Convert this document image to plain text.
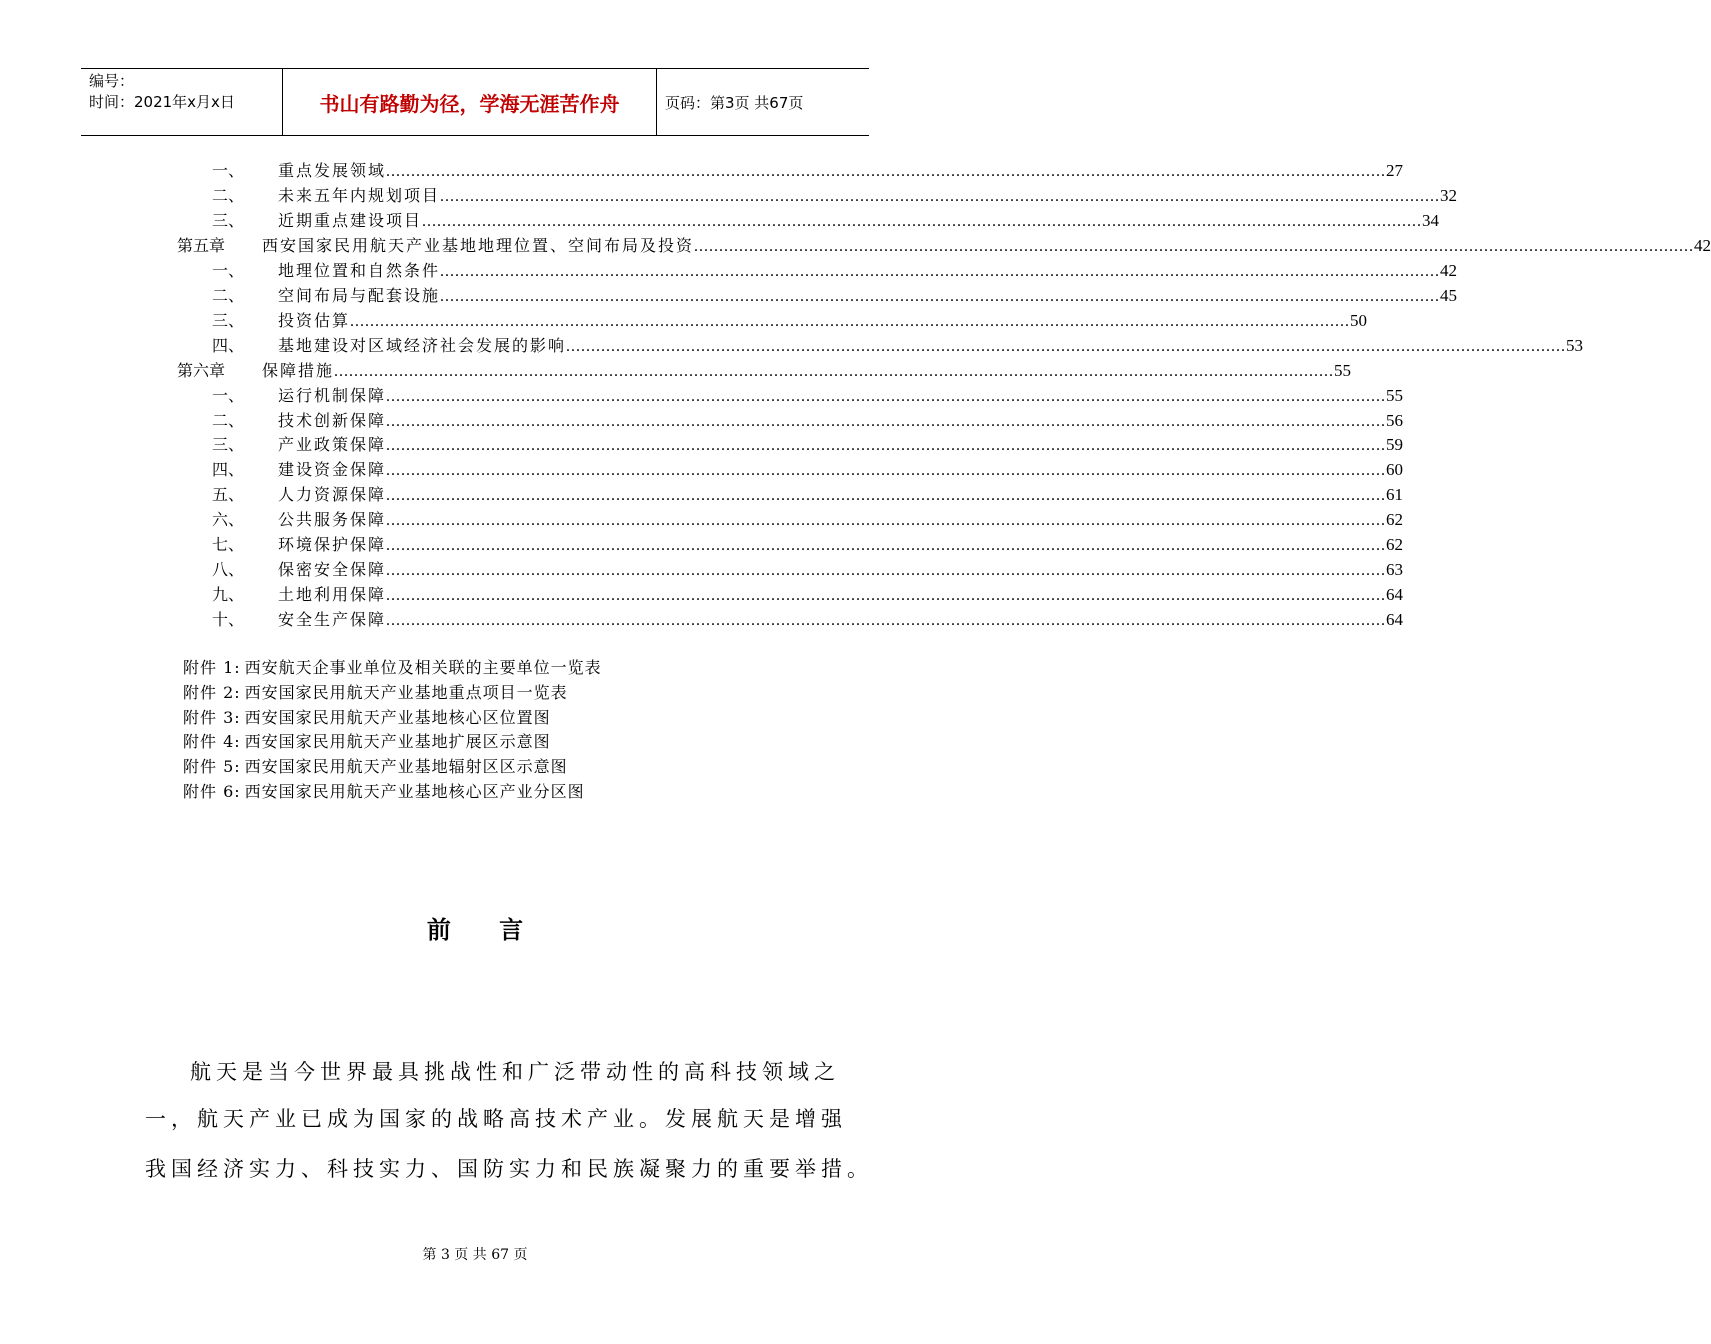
编号：
时间：2021年x月x日	书山有路勤为径，学海无涯苦作舟	页码：第3页 共67页
一、	重点发展领域 ........................................................................................................................................................................................................ 27
二、	未来五年内规划项目 ........................................................................................................................................................................................................ 32
三、	近期重点建设项目 ........................................................................................................................................................................................................ 34
第五章 西安国家民用航天产业基地地理位置、空间布局及投资 ........................................................................................................................................................................................................ 42
一、	地理位置和自然条件 ........................................................................................................................................................................................................ 42
二、	空间布局与配套设施 ........................................................................................................................................................................................................ 45
三、	投资估算 ........................................................................................................................................................................................................ 50
四、	基地建设对区域经济社会发展的影响 ........................................................................................................................................................................................................ 53
第六章 保障措施 ........................................................................................................................................................................................................ 55
一、	运行机制保障 ........................................................................................................................................................................................................ 55
二、	技术创新保障 ........................................................................................................................................................................................................ 56
三、	产业政策保障 ........................................................................................................................................................................................................ 59
四、	建设资金保障 ........................................................................................................................................................................................................ 60
五、	人力资源保障 ........................................................................................................................................................................................................ 61
六、	公共服务保障 ........................................................................................................................................................................................................ 62
七、	环境保护保障 ........................................................................................................................................................................................................ 62
八、	保密安全保障 ........................................................................................................................................................................................................ 63
九、	土地利用保障 ........................................................................................................................................................................................................ 64
十、	安全生产保障 ........................................................................................................................................................................................................ 64
附件 1: 西安航天企事业单位及相关联的主要单位一览表
附件 2: 西安国家民用航天产业基地重点项目一览表
附件 3: 西安国家民用航天产业基地核心区位置图
附件 4: 西安国家民用航天产业基地扩展区示意图
附件 5: 西安国家民用航天产业基地辐射区区示意图
附件 6: 西安国家民用航天产业基地核心区产业分区图
前 言
航天是当今世界最具挑战性和广泛带动性的高科技领域之
一，航天产业已成为国家的战略高技术产业。发展航天是增强
我国经济实力、科技实力、国防实力和民族凝聚力的重要举措。
第 3 页 共 67 页
